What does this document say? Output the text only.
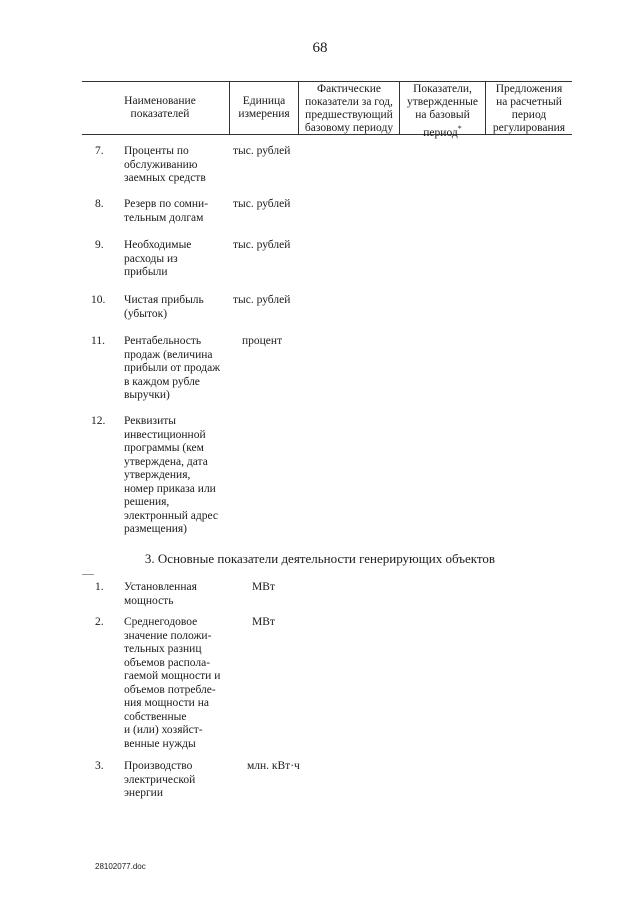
68
Наименование
показателей
Единица
измерения
Фактические
показатели за год,
предшествующий
базовому периоду
Показатели,
утвержденные
на базовый
период*
Предложения
на расчетный
период
регулирования
7. Проценты по
обслуживанию
заемных средств
тыс. рублей
8. Резерв по сомни-
тельным долгам
тыс. рублей
9. Необходимые
расходы из
прибыли
тыс. рублей
10. Чистая прибыль
(убыток)
тыс. рублей
11. Рентабельность
продаж (величина
прибыли от продаж
в каждом рубле
выручки)
процент
12. Реквизиты
инвестиционной
программы (кем
утверждена, дата
утверждения,
номер приказа или
решения,
электронный адрес
размещения)
3. Основные показатели деятельности генерирующих объектов
1. Установленная
мощность
МВт
2. Среднегодовое
значение положи-
тельных разниц
объемов распола-
гаемой мощности и
объемов потребле-
ния мощности на
собственные
и (или) хозяйст-
венные нужды
МВт
3. Производство
электрической
энергии
млн. кВт·ч
28102077.doc
